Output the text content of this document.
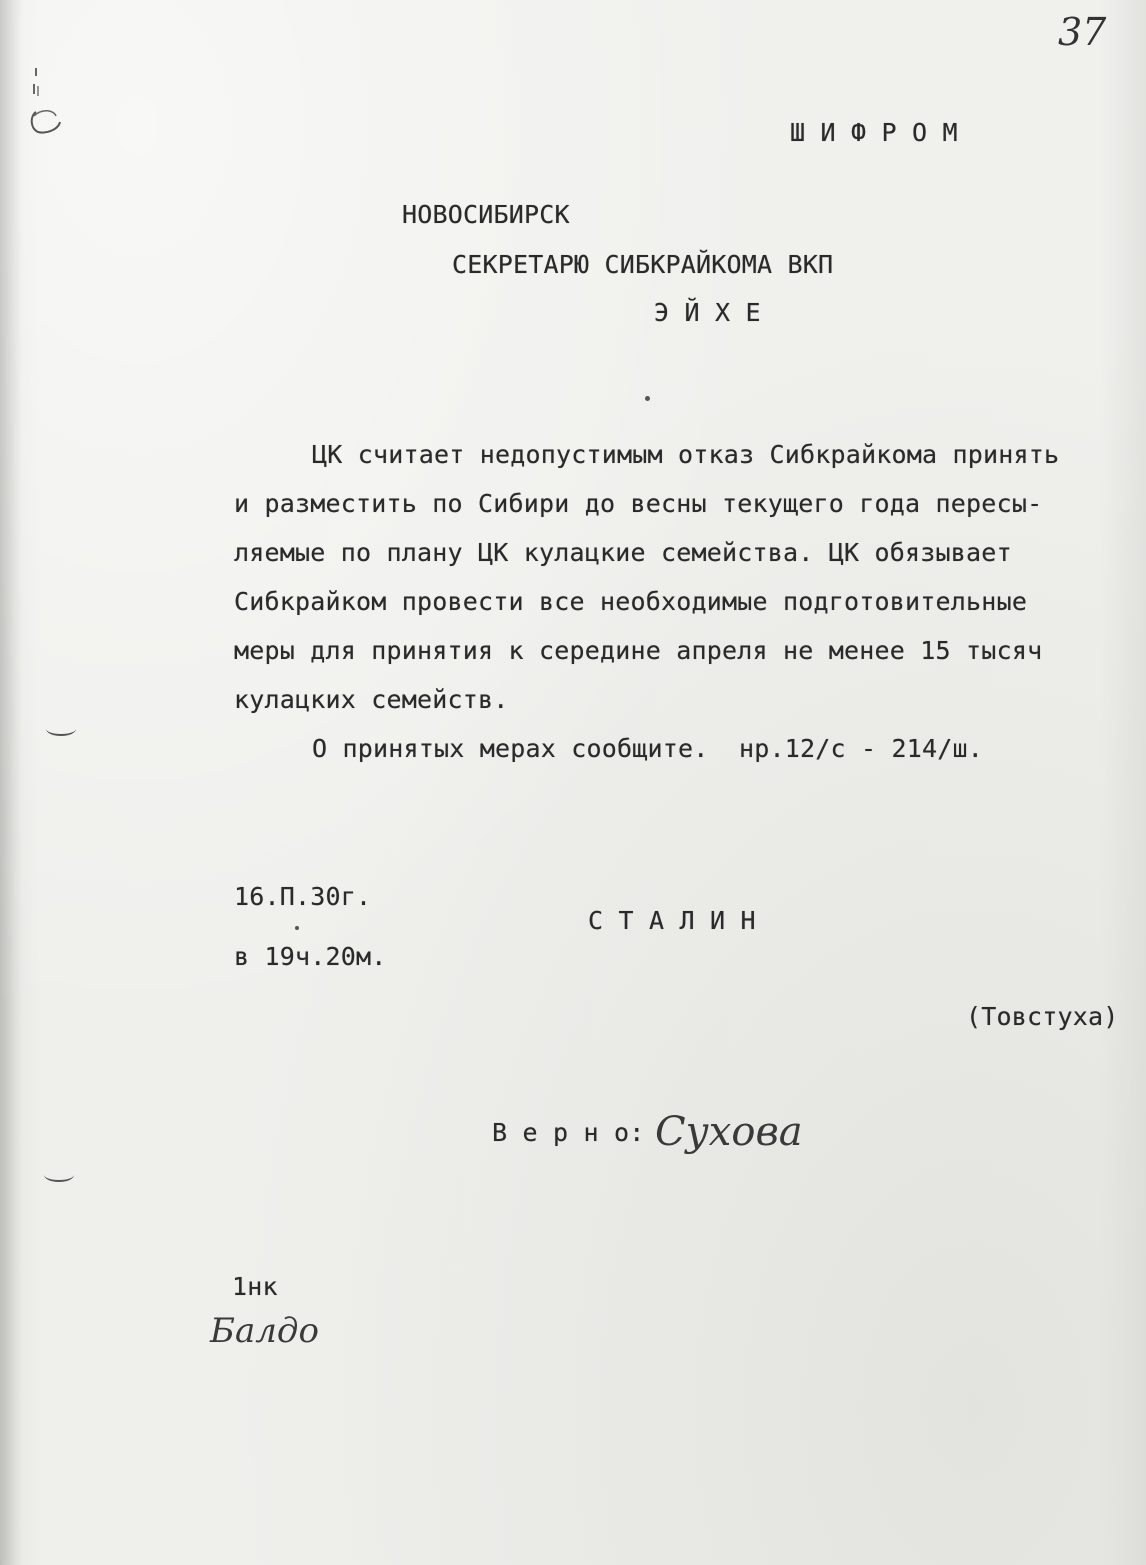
37
Ш И Ф Р О М
НОВОСИБИРСК
СЕКРЕТАРЮ СИБКРАЙКОМА ВКП
Э Й Х Е
ЦК считает недопустимым отказ Сибкрайкома принять
и разместить по Сибири до весны текущего года пересы-
ляемые по плану ЦК кулацкие семейства. ЦК обязывает
Сибкрайком провести все необходимые подготовительные
меры для принятия к середине апреля не менее 15 тысяч
кулацких семейств.
О принятых мерах сообщите.  нр.12/с - 214/ш.
16.П.30г.
в 19ч.20м.
С Т А Л И Н
(Товстуха)
В е р н о: Сухова
1нк
Балдо
